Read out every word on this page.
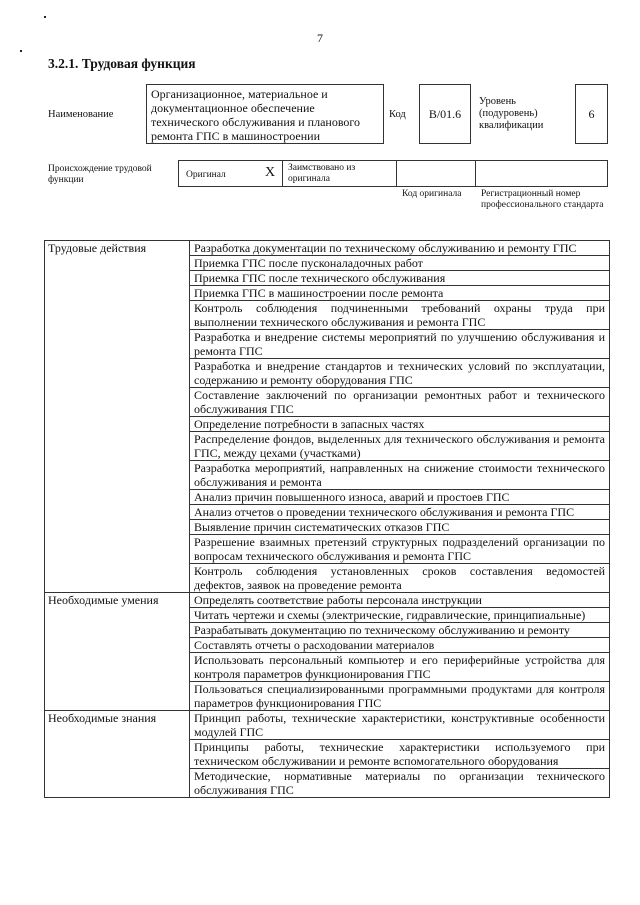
7
3.2.1. Трудовая функция
Наименование
Организационное, материальное и документационное обеспечение технического обслуживания и планового ремонта ГПС в машиностроении
Код	B/01.6
Уровень (подуровень) квалификации
6
Происхождение трудовой функции	Оригинал	X Заимствовано из оригинала
Код оригинала Регистрационный номер профессионального стандарта
Трудовые действия	Разработка документации по техническому обслуживанию и ремонту ГПС
	Приемка ГПС после пусконаладочных работ
	Приемка ГПС после технического обслуживания
	Приемка ГПС в машиностроении после ремонта
	Контроль соблюдения подчиненными требований охраны труда при выполнении технического обслуживания и ремонта ГПС
	Разработка и внедрение системы мероприятий по улучшению обслуживания и ремонта ГПС
	Разработка и внедрение стандартов и технических условий по эксплуатации, содержанию и ремонту оборудования ГПС
	Составление заключений по организации ремонтных работ и технического обслуживания ГПС
	Определение потребности в запасных частях
	Распределение фондов, выделенных для технического обслуживания и ремонта ГПС, между цехами (участками)
	Разработка мероприятий, направленных на снижение стоимости технического обслуживания и ремонта
	Анализ причин повышенного износа, аварий и простоев ГПС
	Анализ отчетов о проведении технического обслуживания и ремонта ГПС
	Выявление причин систематических отказов ГПС
	Разрешение взаимных претензий структурных подразделений организации по вопросам технического обслуживания и ремонта ГПС
	Контроль соблюдения установленных сроков составления ведомостей дефектов, заявок на проведение ремонта
Необходимые умения	Определять соответствие работы персонала инструкции
	Читать чертежи и схемы (электрические, гидравлические, принципиальные)
	Разрабатывать документацию по техническому обслуживанию и ремонту
	Составлять отчеты о расходовании материалов
	Использовать персональный компьютер и его периферийные устройства для контроля параметров функционирования ГПС
	Пользоваться специализированными программными продуктами для контроля параметров функционирования ГПС
Необходимые знания	Принцип работы, технические характеристики, конструктивные особенности модулей ГПС
	Принципы работы, технические характеристики используемого при техническом обслуживании и ремонте вспомогательного оборудования
	Методические, нормативные материалы по организации технического обслуживания ГПС
